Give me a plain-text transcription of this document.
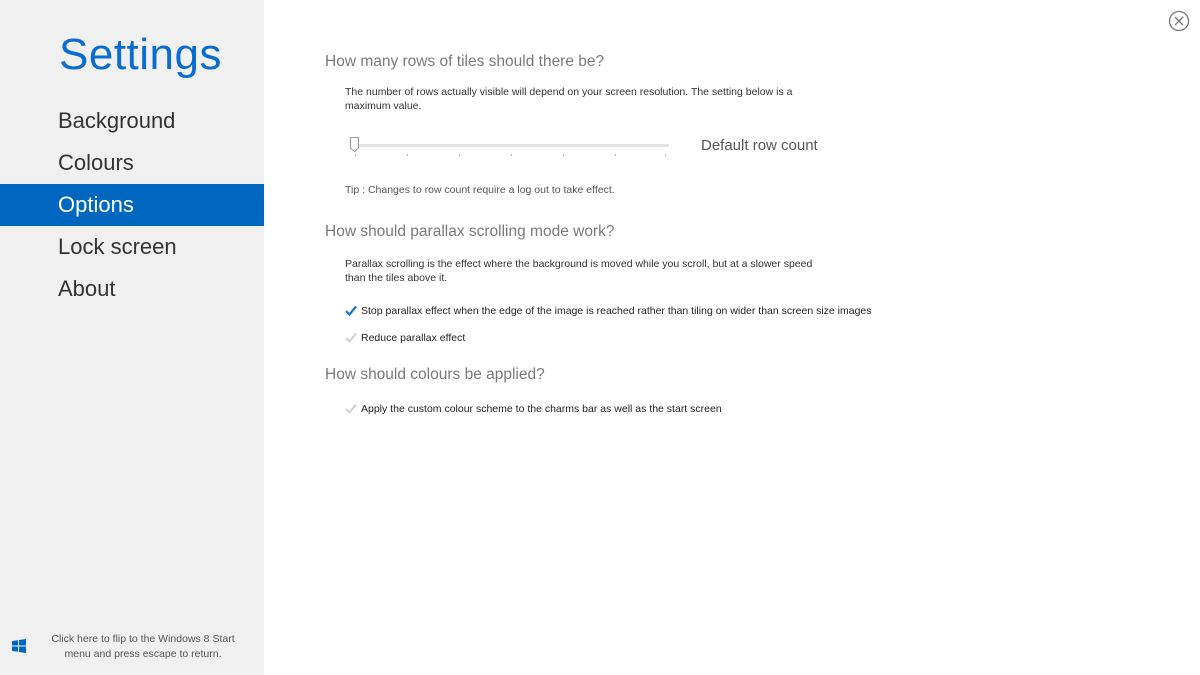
Settings
Background
Colours
Options
Lock screen
About
Click here to flip to the Windows 8 Start menu and press escape to return.
How many rows of tiles should there be?
The number of rows actually visible will depend on your screen resolution. The setting below is a maximum value.
Default row count
Tip : Changes to row count require a log out to take effect.
How should parallax scrolling mode work?
Parallax scrolling is the effect where the background is moved while you scroll, but at a slower speed than the tiles above it.
Stop parallax effect when the edge of the image is reached rather than tiling on wider than screen size images
Reduce parallax effect
How should colours be applied?
Apply the custom colour scheme to the charms bar as well as the start screen
